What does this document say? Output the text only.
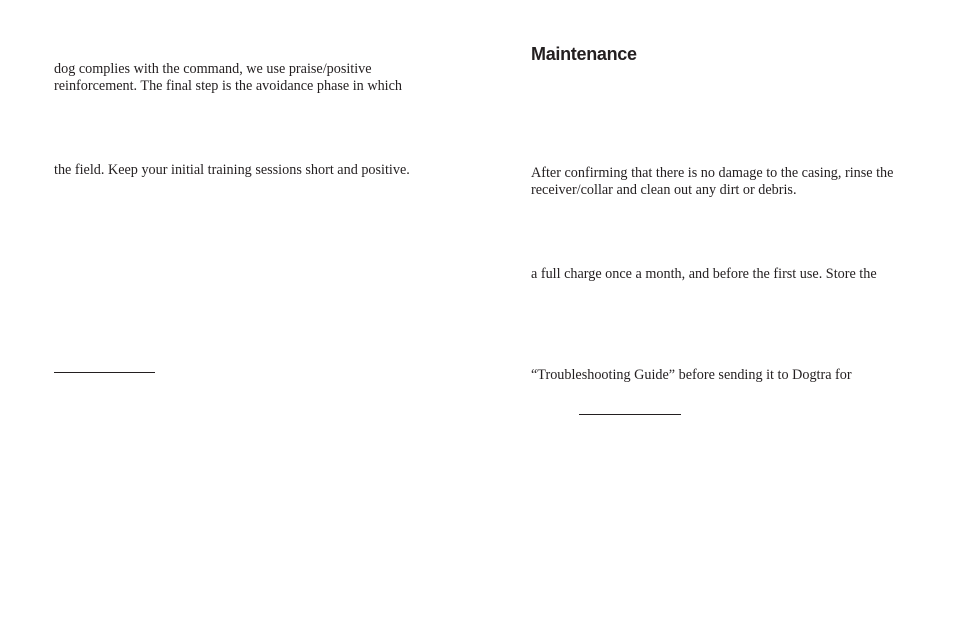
dog complies with the command, we use praise/positive

reinforcement. The final step is the avoidance phase in which

the field. Keep your initial training sessions short and positive.

Maintenance

After confirming that there is no damage to the casing, rinse the

receiver/collar and clean out any dirt or debris.

a full charge once a month, and before the first use. Store the

“Troubleshooting Guide” before sending it to Dogtra for
